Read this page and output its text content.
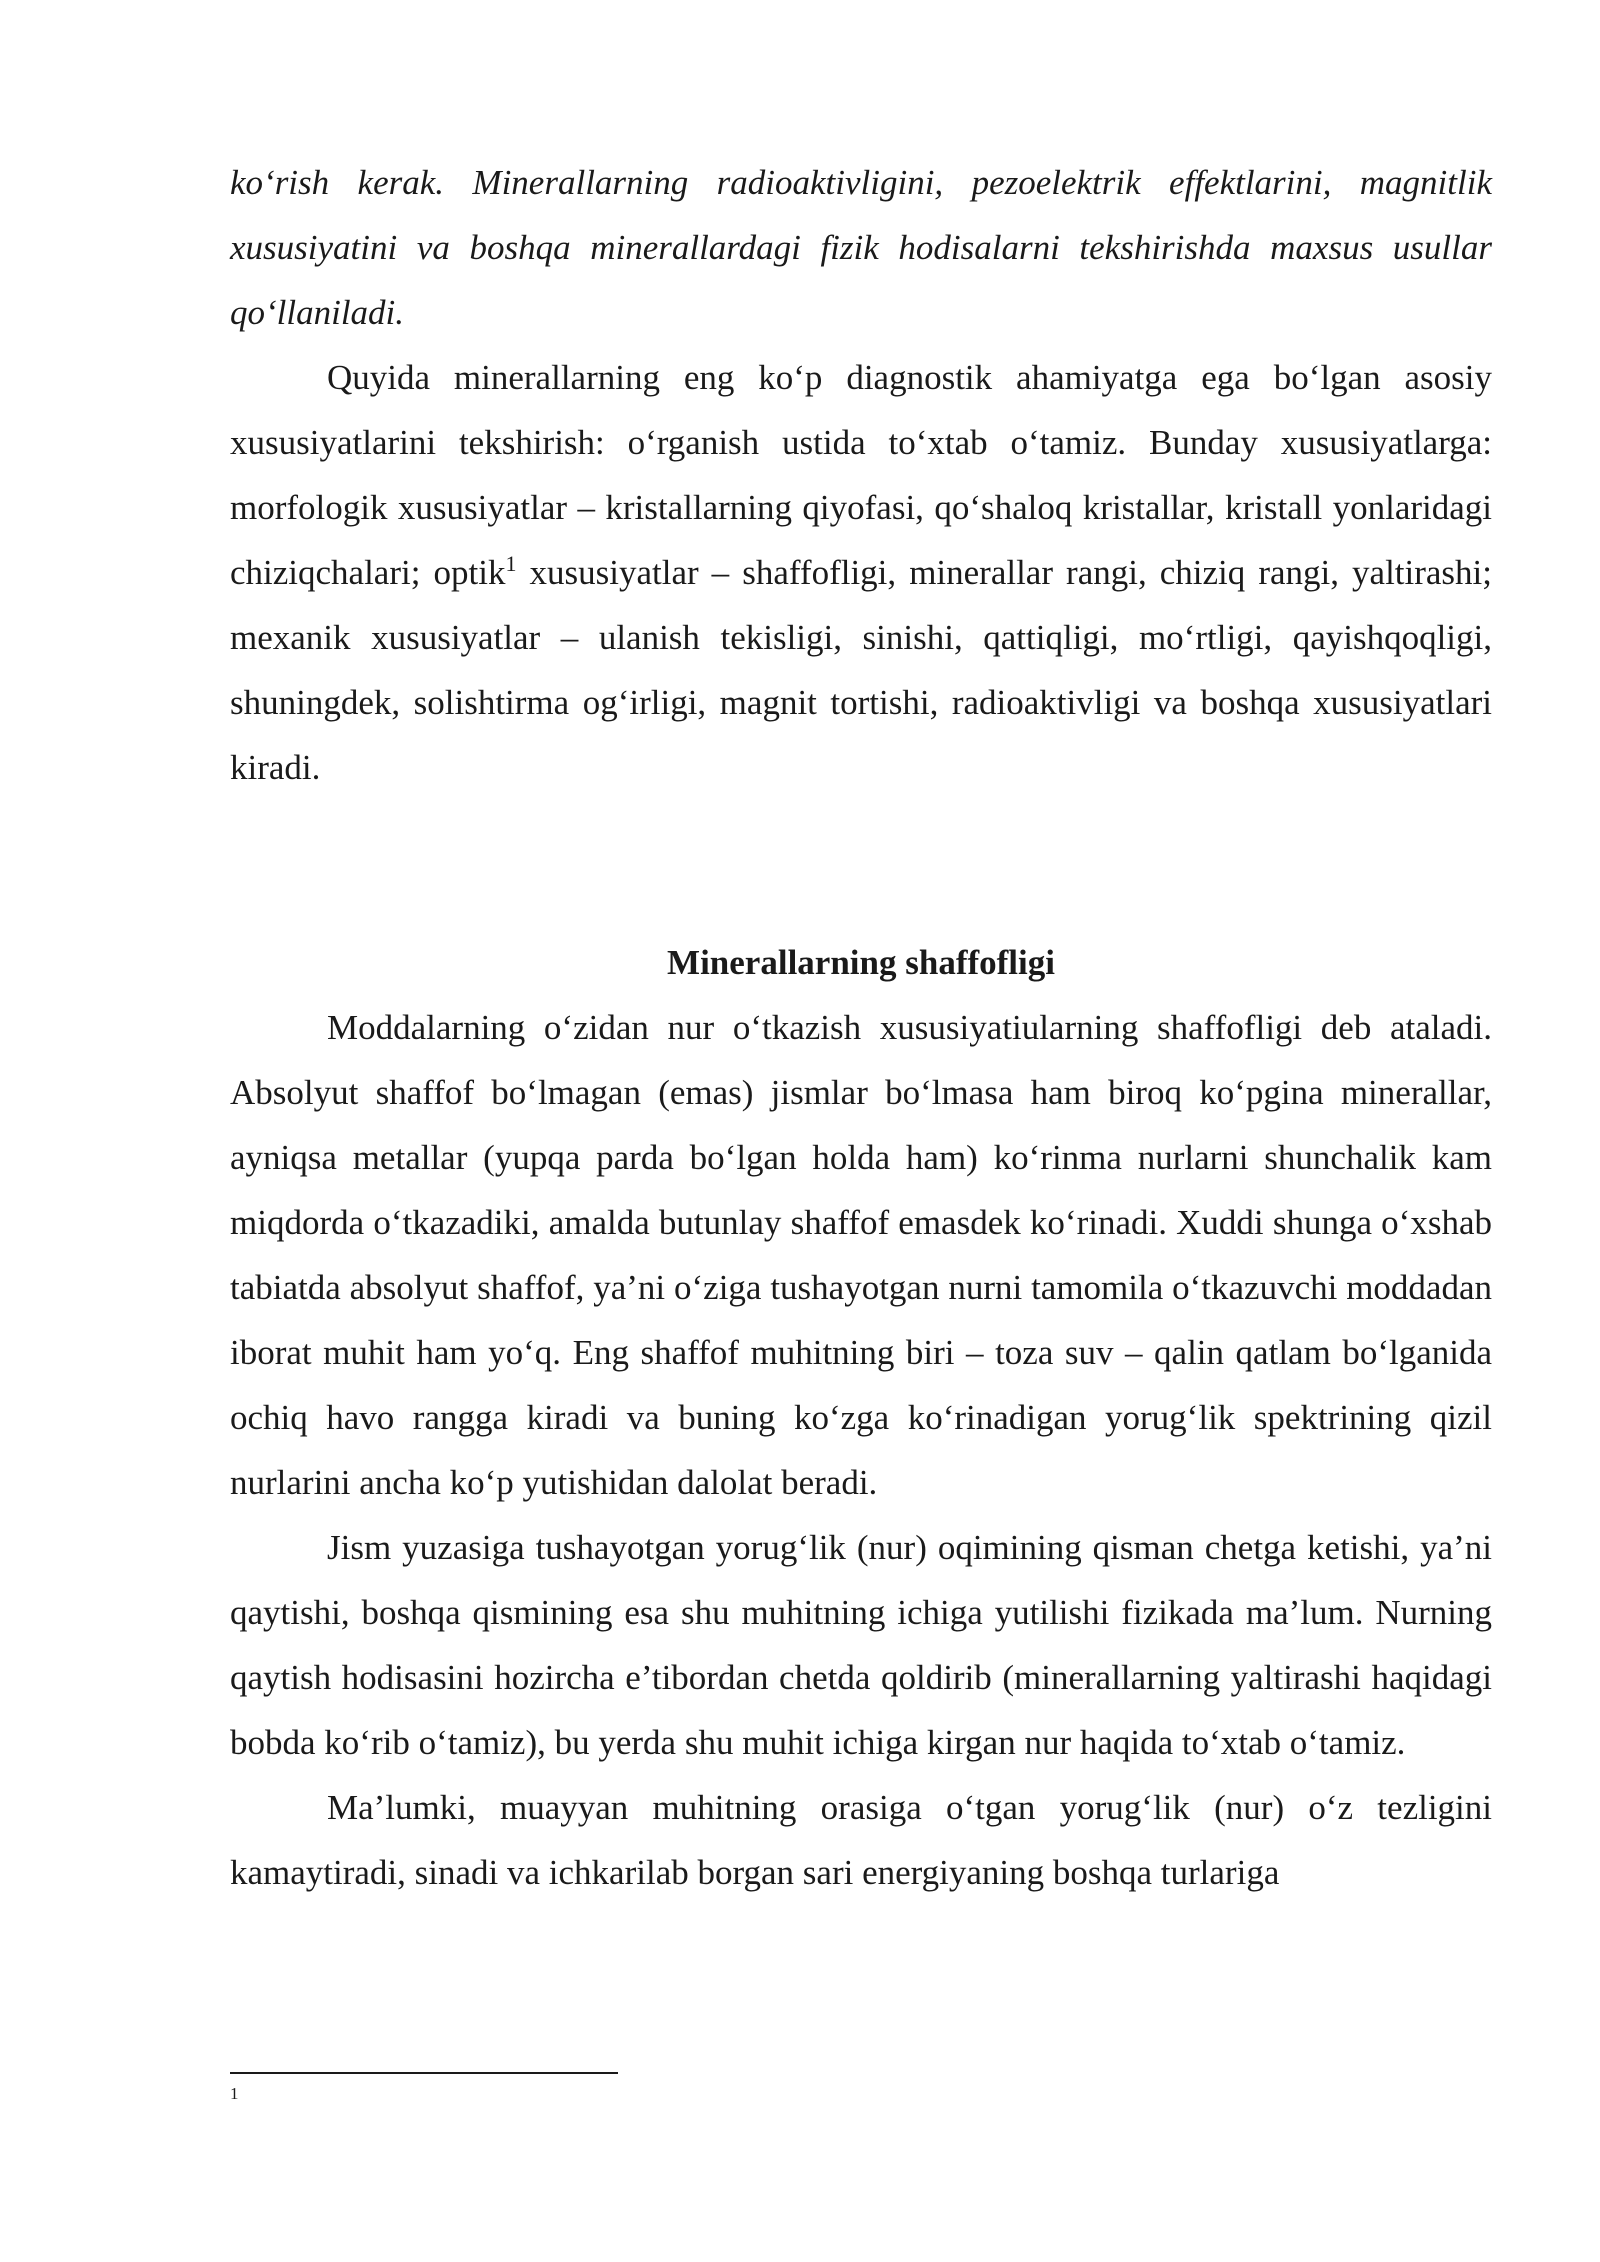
ko‘rish kerak. Minerallarning radioaktivligini, pezoelektrik effektlarini, magnitlik xususiyatini va boshqa minerallardagi fizik hodisalarni tekshirishda maxsus usullar qo‘llaniladi.

Quyida minerallarning eng ko‘p diagnostik ahamiyatga ega bo‘lgan asosiy xususiyatlarini tekshirish: o‘rganish ustida to‘xtab o‘tamiz. Bunday xususiyatlarga: morfologik xususiyatlar – kristallarning qiyofasi, qo‘shaloq kristallar, kristall yonlaridagi chiziqchalari; optik$^1$ xususiyatlar – shaffofligi, minerallar rangi, chiziq rangi, yaltirashi; mexanik xususiyatlar – ulanish tekisligi, sinishi, qattiqligi, mo‘rtligi, qayishqoqligi, shuningdek, solishtirma og‘irligi, magnit tortishi, radioaktivligi va boshqa xususiyatlari kiradi.

Minerallarning shaffofligi

Moddalarning o‘zidan nur o‘tkazish xususiyatiularning shaffofligi deb ataladi. Absolyut shaffof bo‘lmagan (emas) jismlar bo‘lmasa ham biroq ko‘pgina minerallar, ayniqsa metallar (yupqa parda bo‘lgan holda ham) ko‘rinma nurlarni shunchalik kam miqdorda o‘tkazadiki, amalda butunlay shaffof emasdek ko‘rinadi. Xuddi shunga o‘xshab tabiatda absolyut shaffof, ya’ni o‘ziga tushayotgan nurni tamomila o‘tkazuvchi moddadan iborat muhit ham yo‘q. Eng shaffof muhitning biri – toza suv – qalin qatlam bo‘lganida ochiq havo rangga kiradi va buning ko‘zga ko‘rinadigan yorug‘lik spektrining qizil nurlarini ancha ko‘p yutishidan dalolat beradi.

Jism yuzasiga tushayotgan yorug‘lik (nur) oqimining qisman chetga ketishi, ya’ni qaytishi, boshqa qismining esa shu muhitning ichiga yutilishi fizikada ma’lum. Nurning qaytish hodisasini hozircha e’tibordan chetda qoldirib (minerallarning yaltirashi haqidagi bobda ko‘rib o‘tamiz), bu yerda shu muhit ichiga kirgan nur haqida to‘xtab o‘tamiz.

Ma’lumki, muayyan muhitning orasiga o‘tgan yorug‘lik (nur) o‘z tezligini kamaytiradi, sinadi va ichkarilab borgan sari energiyaning boshqa turlariga

1
